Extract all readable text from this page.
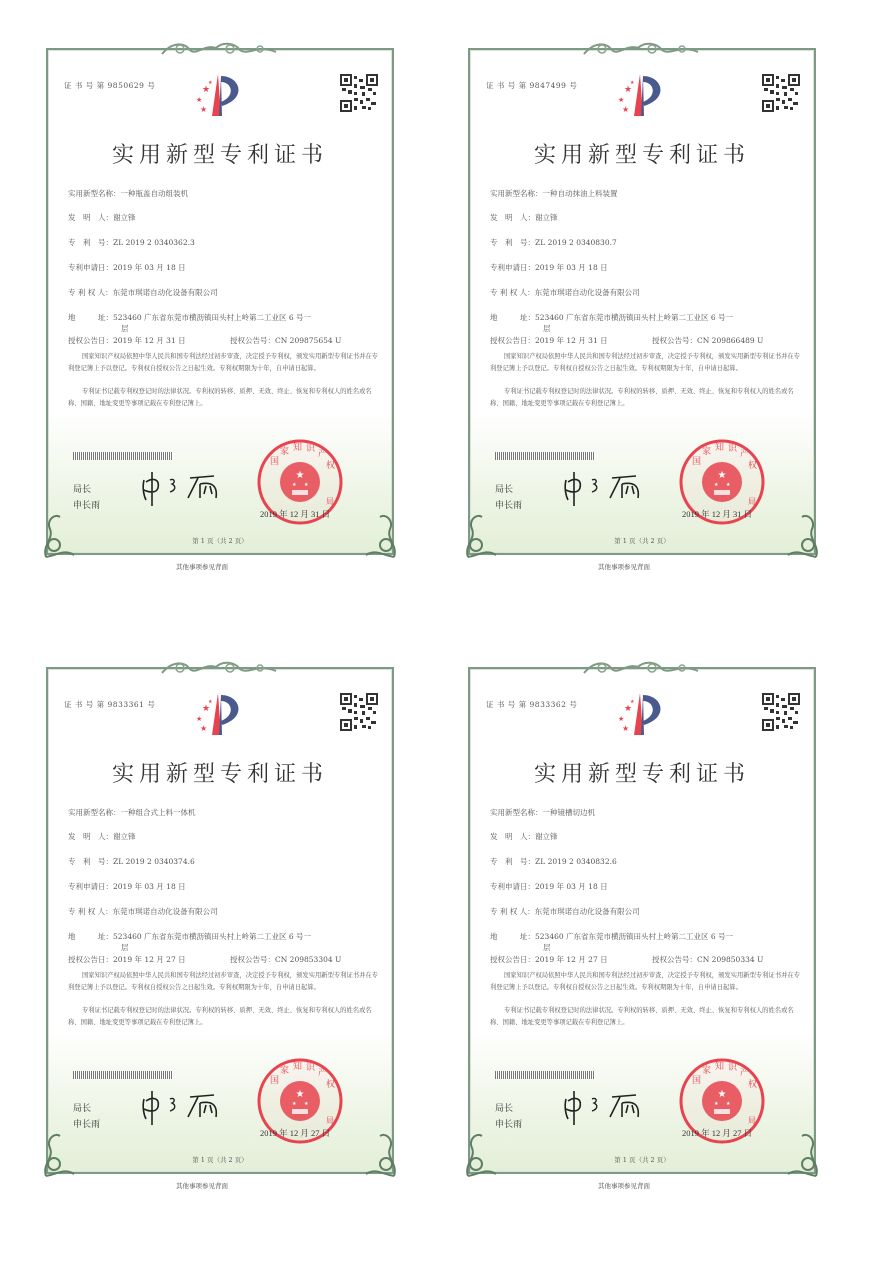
证 书 号 第 9850629 号	★
★
★
★
实用新型专利证书
实用新型名称：一种瓶盖自动组装机
发　明　人：谢立锋
专　利　号：ZL 2019 2 0340362.3
专利申请日：2019 年 03 月 18 日
专 利 权 人：东莞市琪诺自动化设备有限公司
地　　　址：523460 广东省东莞市横沥镇田头村上岭第二工业区 6 号一
层
授权公告日：2019 年 12 月 31 日	授权公告号：CN 209875654 U
国家知识产权局依照中华人民共和国专利法经过初步审查，决定授予专利权，颁发实用新型专利证书并在专利登记簿上予以登记。专利权自授权公告之日起生效。专利权期限为十年，自申请日起算。
专利证书记载专利权登记时的法律状况。专利权的转移、质押、无效、终止、恢复和专利权人的姓名或名称、国籍、地址变更等事项记载在专利登记簿上。
局长
申长雨
★
★ ★
国
家 知 识 产
权
局
2019 年 12 月 31 日
第 1 页（共 2 页）
其他事项参见背面
证 书 号 第 9847499 号	★
★
★
★
实用新型专利证书
实用新型名称：一种自动抹油上料装置
发　明　人：谢立锋
专　利　号：ZL 2019 2 0340830.7
专利申请日：2019 年 03 月 18 日
专 利 权 人：东莞市琪诺自动化设备有限公司
地　　　址：523460 广东省东莞市横沥镇田头村上岭第二工业区 6 号一
层
授权公告日：2019 年 12 月 31 日	授权公告号：CN 209866489 U
国家知识产权局依照中华人民共和国专利法经过初步审查，决定授予专利权，颁发实用新型专利证书并在专利登记簿上予以登记。专利权自授权公告之日起生效。专利权期限为十年，自申请日起算。
专利证书记载专利权登记时的法律状况。专利权的转移、质押、无效、终止、恢复和专利权人的姓名或名称、国籍、地址变更等事项记载在专利登记簿上。
局长
申长雨
★
★ ★
国
家 知 识 产
权
局
2019 年 12 月 31 日
第 1 页（共 2 页）
其他事项参见背面
证 书 号 第 9833361 号	★
★
★
★
实用新型专利证书
实用新型名称：一种组合式上料一体机
发　明　人：谢立锋
专　利　号：ZL 2019 2 0340374.6
专利申请日：2019 年 03 月 18 日
专 利 权 人：东莞市琪诺自动化设备有限公司
地　　　址：523460 广东省东莞市横沥镇田头村上岭第二工业区 6 号一
层
授权公告日：2019 年 12 月 27 日	授权公告号：CN 209853304 U
国家知识产权局依照中华人民共和国专利法经过初步审查，决定授予专利权，颁发实用新型专利证书并在专利登记簿上予以登记。专利权自授权公告之日起生效。专利权期限为十年，自申请日起算。
专利证书记载专利权登记时的法律状况。专利权的转移、质押、无效、终止、恢复和专利权人的姓名或名称、国籍、地址变更等事项记载在专利登记簿上。
局长
申长雨
★
★ ★
国
家 知 识 产
权
局
2019 年 12 月 27 日
第 1 页（共 2 页）
其他事项参见背面
证 书 号 第 9833362 号	★
★
★
★
实用新型专利证书
实用新型名称：一种镜槽切边机
发　明　人：谢立锋
专　利　号：ZL 2019 2 0340832.6
专利申请日：2019 年 03 月 18 日
专 利 权 人：东莞市琪诺自动化设备有限公司
地　　　址：523460 广东省东莞市横沥镇田头村上岭第二工业区 6 号一
层
授权公告日：2019 年 12 月 27 日	授权公告号：CN 209850334 U
国家知识产权局依照中华人民共和国专利法经过初步审查，决定授予专利权，颁发实用新型专利证书并在专利登记簿上予以登记。专利权自授权公告之日起生效。专利权期限为十年，自申请日起算。
专利证书记载专利权登记时的法律状况。专利权的转移、质押、无效、终止、恢复和专利权人的姓名或名称、国籍、地址变更等事项记载在专利登记簿上。
局长
申长雨
★
★ ★
国
家 知 识 产
权
局
2019 年 12 月 27 日
第 1 页（共 2 页）
其他事项参见背面
